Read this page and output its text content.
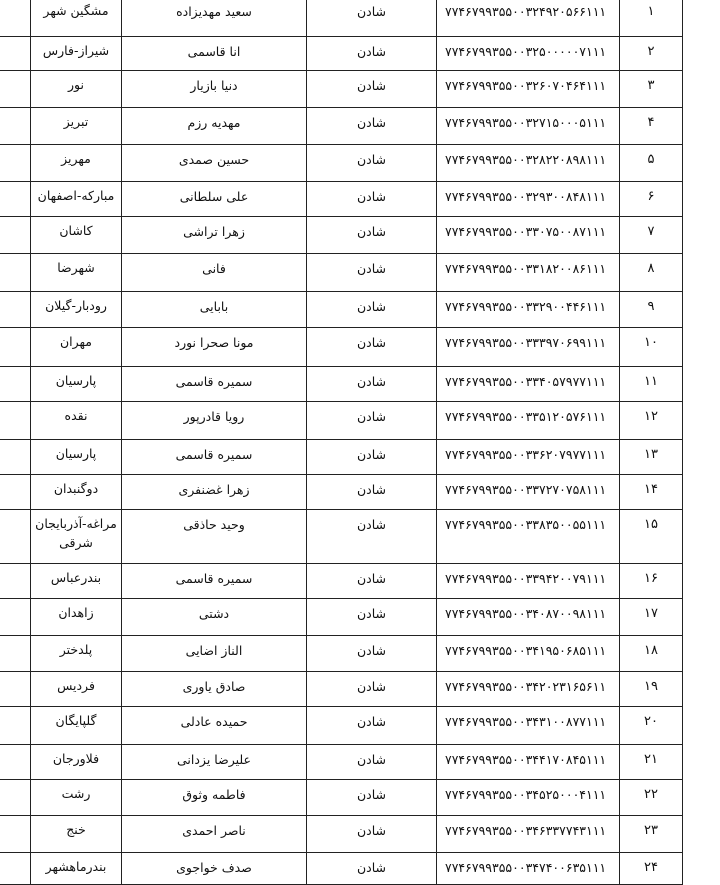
	مشگین شهر	سعید مهدیزاده	شادن	۷۷۴۶۷۹۹۳۵۵۰۰۳۲۴۹۲۰۵۶۶۱۱۱	۱
	شیراز-فارس	انا قاسمی	شادن	۷۷۴۶۷۹۹۳۵۵۰۰۳۲۵۰۰۰۰۰۷۱۱۱	۲
	نور	دنیا بازیار	شادن	۷۷۴۶۷۹۹۳۵۵۰۰۳۲۶۰۷۰۴۶۴۱۱۱	۳
	تبریز	مهدیه رزم	شادن	۷۷۴۶۷۹۹۳۵۵۰۰۳۲۷۱۵۰۰۰۵۱۱۱	۴
	مهریز	حسین صمدی	شادن	۷۷۴۶۷۹۹۳۵۵۰۰۳۲۸۲۲۰۸۹۸۱۱۱	۵
	مبارکه-اصفهان	علی سلطانی	شادن	۷۷۴۶۷۹۹۳۵۵۰۰۳۲۹۳۰۰۸۴۸۱۱۱	۶
	کاشان	زهرا تراشی	شادن	۷۷۴۶۷۹۹۳۵۵۰۰۳۳۰۷۵۰۰۸۷۱۱۱	۷
	شهرضا	فانی	شادن	۷۷۴۶۷۹۹۳۵۵۰۰۳۳۱۸۲۰۰۸۶۱۱۱	۸
	رودبار-گیلان	بابایی	شادن	۷۷۴۶۷۹۹۳۵۵۰۰۳۳۲۹۰۰۴۴۶۱۱۱	۹
	مهران	مونا صحرا نورد	شادن	۷۷۴۶۷۹۹۳۵۵۰۰۳۳۳۹۷۰۶۹۹۱۱۱	۱۰
	پارسیان	سمیره قاسمی	شادن	۷۷۴۶۷۹۹۳۵۵۰۰۳۳۴۰۵۷۹۷۷۱۱۱	۱۱
	نقده	رویا قادرپور	شادن	۷۷۴۶۷۹۹۳۵۵۰۰۳۳۵۱۲۰۵۷۶۱۱۱	۱۲
	پارسیان	سمیره قاسمی	شادن	۷۷۴۶۷۹۹۳۵۵۰۰۳۳۶۲۰۷۹۷۷۱۱۱	۱۳
	دوگنبدان	زهرا غضنفری	شادن	۷۷۴۶۷۹۹۳۵۵۰۰۳۳۷۲۷۰۷۵۸۱۱۱	۱۴
	مراغه-آذربایجان شرقی	وحید حاذقی	شادن	۷۷۴۶۷۹۹۳۵۵۰۰۳۳۸۳۵۰۰۵۵۱۱۱	۱۵
	بندرعباس	سمیره قاسمی	شادن	۷۷۴۶۷۹۹۳۵۵۰۰۳۳۹۴۲۰۰۷۹۱۱۱	۱۶
	زاهدان	دشتی	شادن	۷۷۴۶۷۹۹۳۵۵۰۰۳۴۰۸۷۰۰۹۸۱۱۱	۱۷
	پلدختر	الناز اضایی	شادن	۷۷۴۶۷۹۹۳۵۵۰۰۳۴۱۹۵۰۶۸۵۱۱۱	۱۸
	فردیس	صادق یاوری	شادن	۷۷۴۶۷۹۹۳۵۵۰۰۳۴۲۰۲۳۱۶۵۶۱۱	۱۹
	گلپایگان	حمیده عادلی	شادن	۷۷۴۶۷۹۹۳۵۵۰۰۳۴۳۱۰۰۸۷۷۱۱۱	۲۰
	فلاورجان	علیرضا یزدانی	شادن	۷۷۴۶۷۹۹۳۵۵۰۰۳۴۴۱۷۰۸۴۵۱۱۱	۲۱
	رشت	فاطمه وثوق	شادن	۷۷۴۶۷۹۹۳۵۵۰۰۳۴۵۲۵۰۰۰۴۱۱۱	۲۲
	خنج	ناصر احمدی	شادن	۷۷۴۶۷۹۹۳۵۵۰۰۳۴۶۳۳۷۷۴۳۱۱۱	۲۳
	بندرماهشهر	صدف خواجوی	شادن	۷۷۴۶۷۹۹۳۵۵۰۰۳۴۷۴۰۰۶۳۵۱۱۱	۲۴
